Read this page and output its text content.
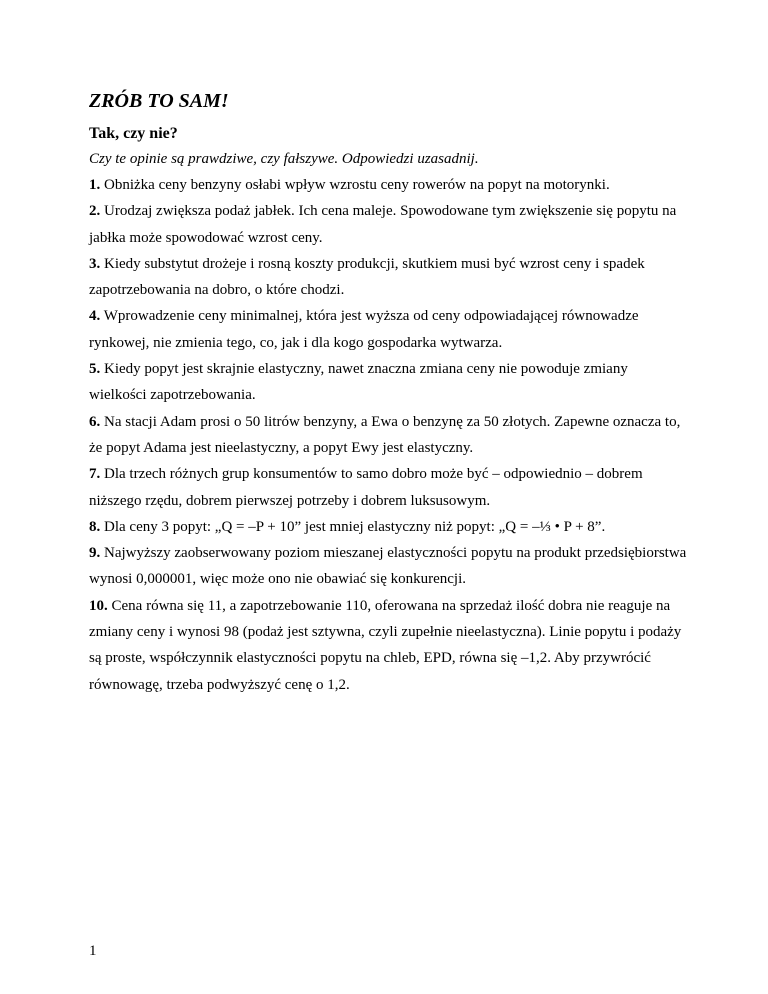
ZRÓB TO SAM!

Tak, czy nie?

Czy te opinie są prawdziwe, czy fałszywe. Odpowiedzi uzasadnij.

1. Obniżka ceny benzyny osłabi wpływ wzrostu ceny rowerów na popyt na motorynki.
2. Urodzaj zwiększa podaż jabłek. Ich cena maleje. Spowodowane tym zwiększenie się popytu na jabłka może spowodować wzrost ceny.
3. Kiedy substytut drożeje i rosną koszty produkcji, skutkiem musi być wzrost ceny i spadek zapotrzebowania na dobro, o które chodzi.
4. Wprowadzenie ceny minimalnej, która jest wyższa od ceny odpowiadającej równowadze rynkowej, nie zmienia tego, co, jak i dla kogo gospodarka wytwarza.
5. Kiedy popyt jest skrajnie elastyczny, nawet znaczna zmiana ceny nie powoduje zmiany wielkości zapotrzebowania.
6. Na stacji Adam prosi o 50 litrów benzyny, a Ewa o benzynę za 50 złotych. Zapewne oznacza to, że popyt Adama jest nieelastyczny, a popyt Ewy jest elastyczny.
7. Dla trzech różnych grup konsumentów to samo dobro może być – odpowiednio – dobrem niższego rzędu, dobrem pierwszej potrzeby i dobrem luksusowym.
8. Dla ceny 3 popyt: „Q = –P + 10” jest mniej elastyczny niż popyt: „Q = –⅓ • P + 8”.
9. Najwyższy zaobserwowany poziom mieszanej elastyczności popytu na produkt przedsiębiorstwa wynosi 0,000001, więc może ono nie obawiać się konkurencji.
10. Cena równa się 11, a zapotrzebowanie 110, oferowana na sprzedaż ilość dobra nie reaguje na zmiany ceny i wynosi 98 (podaż jest sztywna, czyli zupełnie nieelastyczna). Linie popytu i podaży są proste, współczynnik elastyczności popytu na chleb, EPD, równa się –1,2. Aby przywrócić równowagę, trzeba podwyższyć cenę o 1,2.
1
